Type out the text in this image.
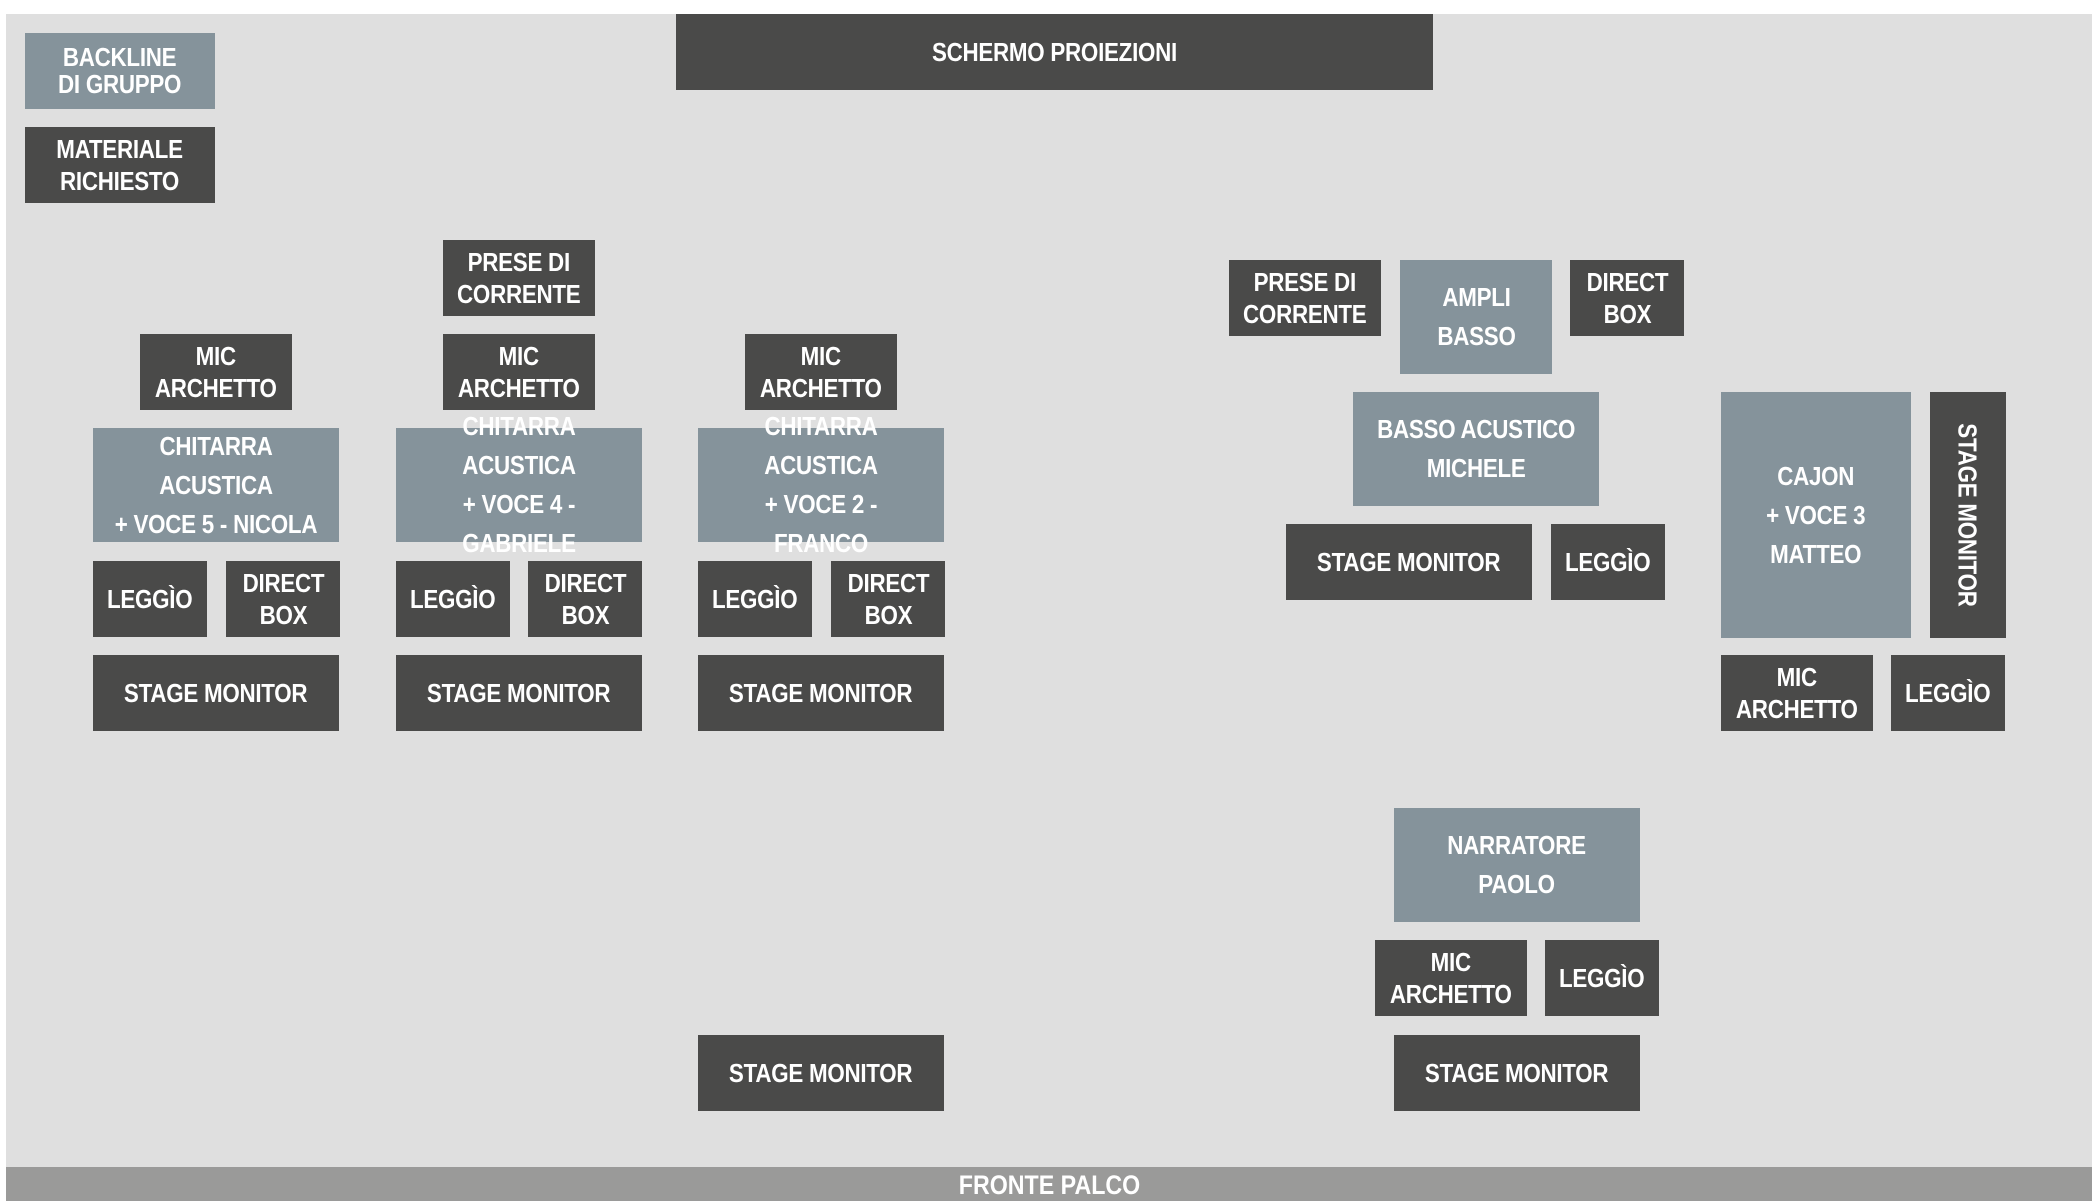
BACKLINE
DI GRUPPO
MATERIALE
RICHIESTO
SCHERMO PROIEZIONI
MIC
ARCHETTO
CHITARRA ACUSTICA
+ VOCE 5 - NICOLA
LEGGÌO
DIRECT
BOX
STAGE MONITOR
PRESE DI
CORRENTE
MIC
ARCHETTO
CHITARRA ACUSTICA
+ VOCE 4 - GABRIELE
LEGGÌO
DIRECT
BOX
STAGE MONITOR
MIC
ARCHETTO
CHITARRA ACUSTICA
+ VOCE 2 - FRANCO
LEGGÌO
DIRECT
BOX
STAGE MONITOR
STAGE MONITOR
PRESE DI
CORRENTE
AMPLI
BASSO
DIRECT
BOX
BASSO ACUSTICO
MICHELE
STAGE MONITOR LEGGÌO
CAJON
+ VOCE 3
MATTEO	STAGE MONITOR
MIC
ARCHETTO
LEGGÌO
NARRATORE
PAOLO
MIC
ARCHETTO
LEGGÌO
STAGE MONITOR
FRONTE PALCO
